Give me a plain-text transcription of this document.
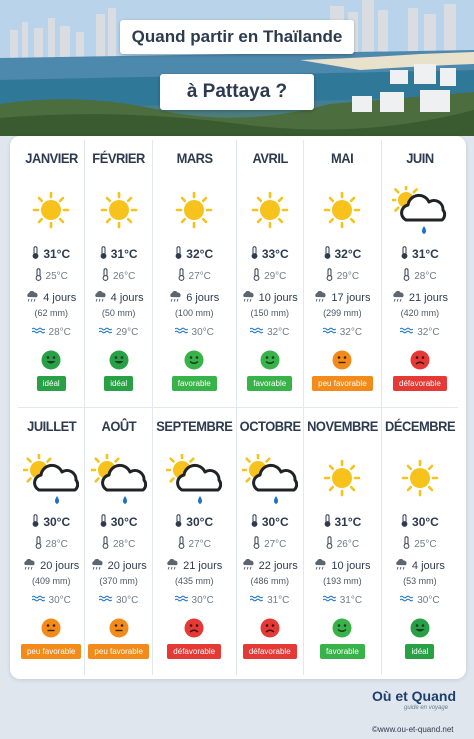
Quand partir en Thaïlande
à Pattaya ?
JANVIER
31°C
25°C
4 jours
(62 mm)
28°C
idéal
FÉVRIER
31°C
26°C
4 jours
(50 mm)
29°C
idéal
MARS
32°C
27°C
6 jours
(100 mm)
30°C
favorable
AVRIL
33°C
29°C
10 jours
(150 mm)
32°C
favorable
MAI
32°C
29°C
17 jours
(299 mm)
32°C
peu favorable
JUIN
31°C
28°C
21 jours
(420 mm)
32°C
défavorable
JUILLET
30°C
28°C
20 jours
(409 mm)
30°C
peu favorable
AOÛT
30°C
28°C
20 jours
(370 mm)
30°C
peu favorable
SEPTEMBRE
30°C
27°C
21 jours
(435 mm)
30°C
défavorable
OCTOBRE
30°C
27°C
22 jours
(486 mm)
31°C
défavorable
NOVEMBRE
31°C
26°C
10 jours
(193 mm)
31°C
favorable
DÉCEMBRE
30°C
25°C
4 jours
(53 mm)
30°C
idéal
Où et Quand
guide en voyage
©www.ou-et-quand.net
